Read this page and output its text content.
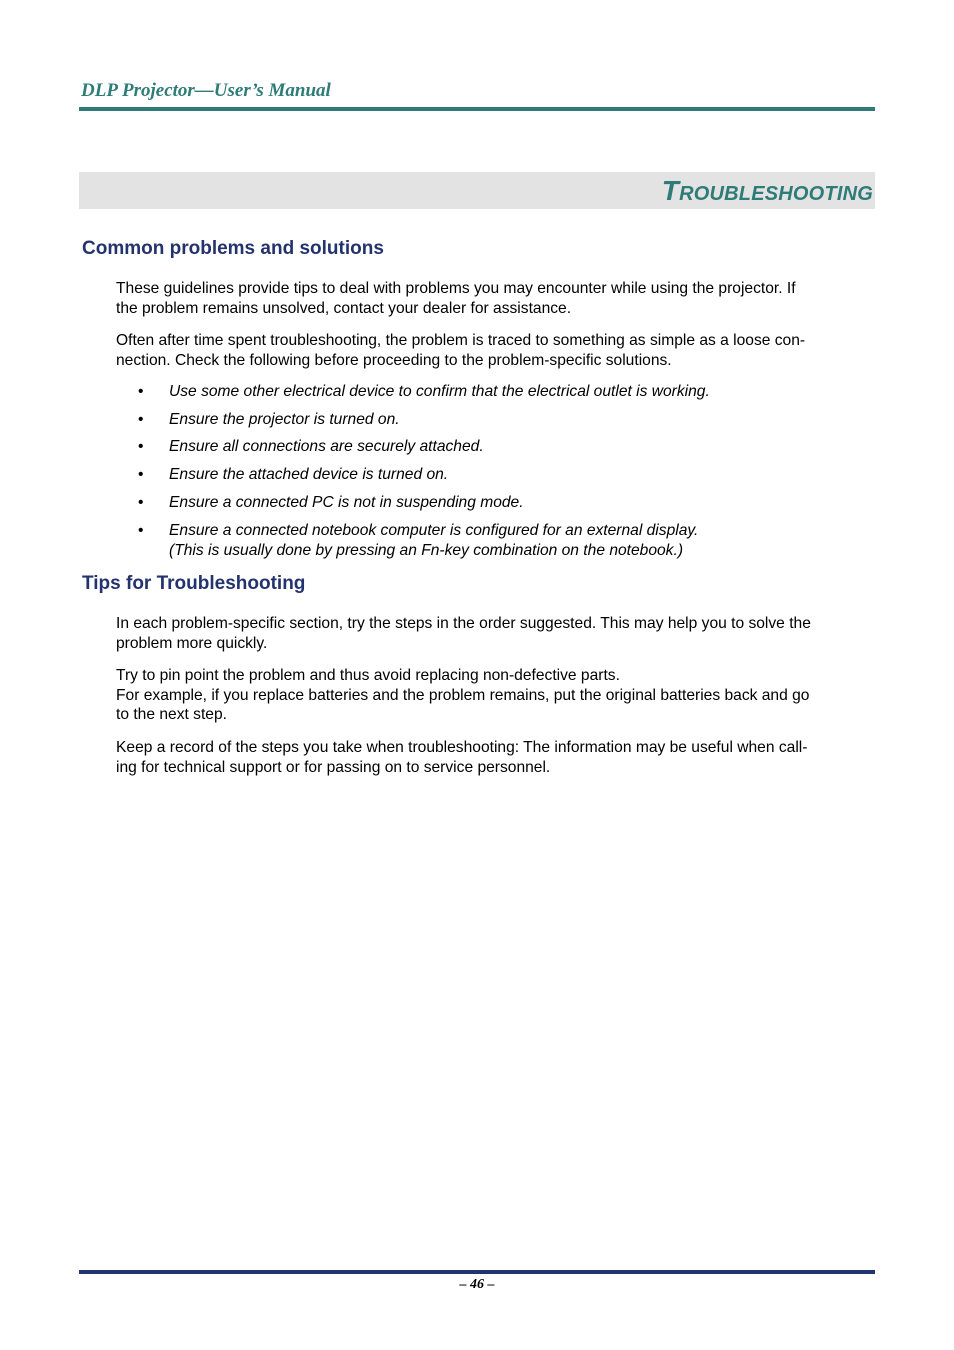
DLP Projector—User’s Manual
Troubleshooting
Common problems and solutions
These guidelines provide tips to deal with problems you may encounter while using the projector. If
the problem remains unsolved, contact your dealer for assistance.
Often after time spent troubleshooting, the problem is traced to something as simple as a loose con-
nection. Check the following before proceeding to the problem-specific solutions.
• Use some other electrical device to confirm that the electrical outlet is working.
• Ensure the projector is turned on.
• Ensure all connections are securely attached.
• Ensure the attached device is turned on.
• Ensure a connected PC is not in suspending mode.
• Ensure a connected notebook computer is configured for an external display.
(This is usually done by pressing an Fn-key combination on the notebook.)
Tips for Troubleshooting
In each problem-specific section, try the steps in the order suggested. This may help you to solve the
problem more quickly.
Try to pin point the problem and thus avoid replacing non-defective parts.
For example, if you replace batteries and the problem remains, put the original batteries back and go
to the next step.
Keep a record of the steps you take when troubleshooting: The information may be useful when call-
ing for technical support or for passing on to service personnel.
– 46 –
